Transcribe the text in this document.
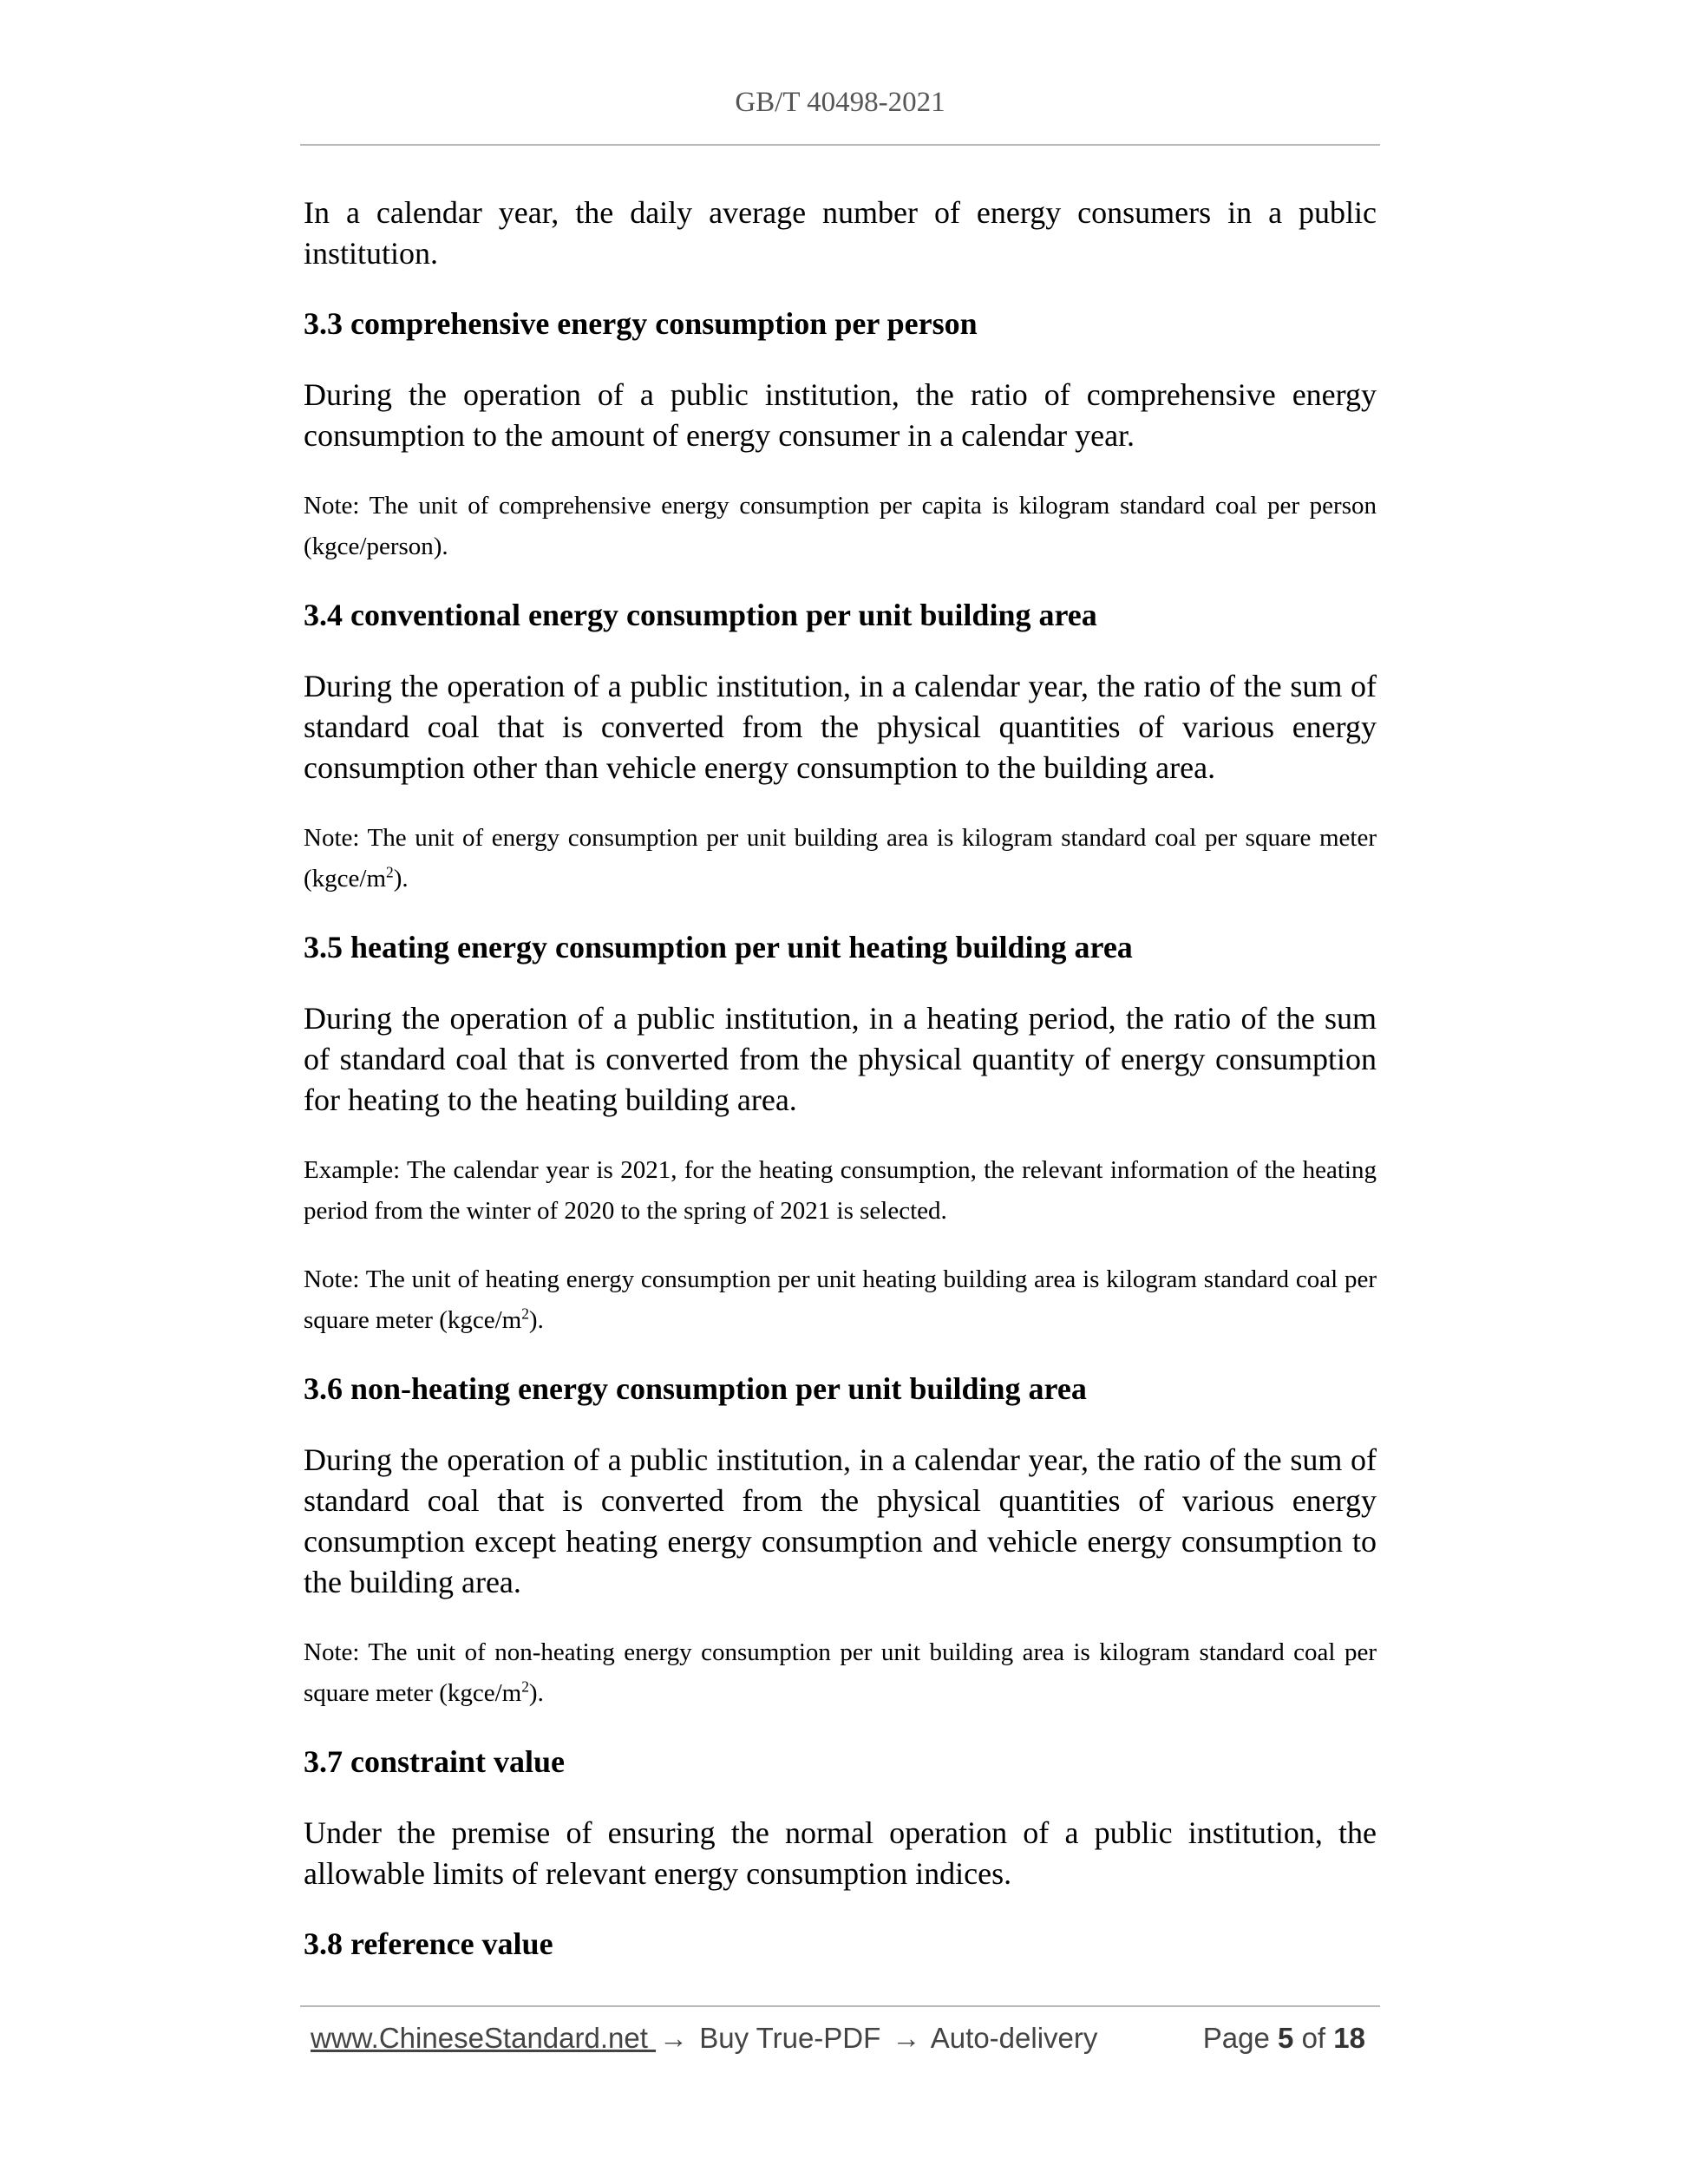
GB/T 40498-2021

In a calendar year, the daily average number of energy consumers in a public institution.

3.3 comprehensive energy consumption per person

During the operation of a public institution, the ratio of comprehensive energy consumption to the amount of energy consumer in a calendar year.

Note: The unit of comprehensive energy consumption per capita is kilogram standard coal per person (kgce/person).

3.4 conventional energy consumption per unit building area

During the operation of a public institution, in a calendar year, the ratio of the sum of standard coal that is converted from the physical quantities of various energy consumption other than vehicle energy consumption to the building area.

Note: The unit of energy consumption per unit building area is kilogram standard coal per square meter $(kgce/m^2)$.

3.5 heating energy consumption per unit heating building area

During the operation of a public institution, in a heating period, the ratio of the sum of standard coal that is converted from the physical quantity of energy consumption for heating to the heating building area.

Example: The calendar year is 2021, for the heating consumption, the relevant information of the heating period from the winter of 2020 to the spring of 2021 is selected.

Note: The unit of heating energy consumption per unit heating building area is kilogram standard coal per square meter $(kgce/m^2)$.

3.6 non-heating energy consumption per unit building area

During the operation of a public institution, in a calendar year, the ratio of the sum of standard coal that is converted from the physical quantities of various energy consumption except heating energy consumption and vehicle energy consumption to the building area.

Note: The unit of non-heating energy consumption per unit building area is kilogram standard coal per square meter $(kgce/m^2)$.

3.7 constraint value

Under the premise of ensuring the normal operation of a public institution, the allowable limits of relevant energy consumption indices.

3.8 reference value

www.ChineseStandard.net → Buy True-PDF → Auto-delivery	Page 5 of 18
